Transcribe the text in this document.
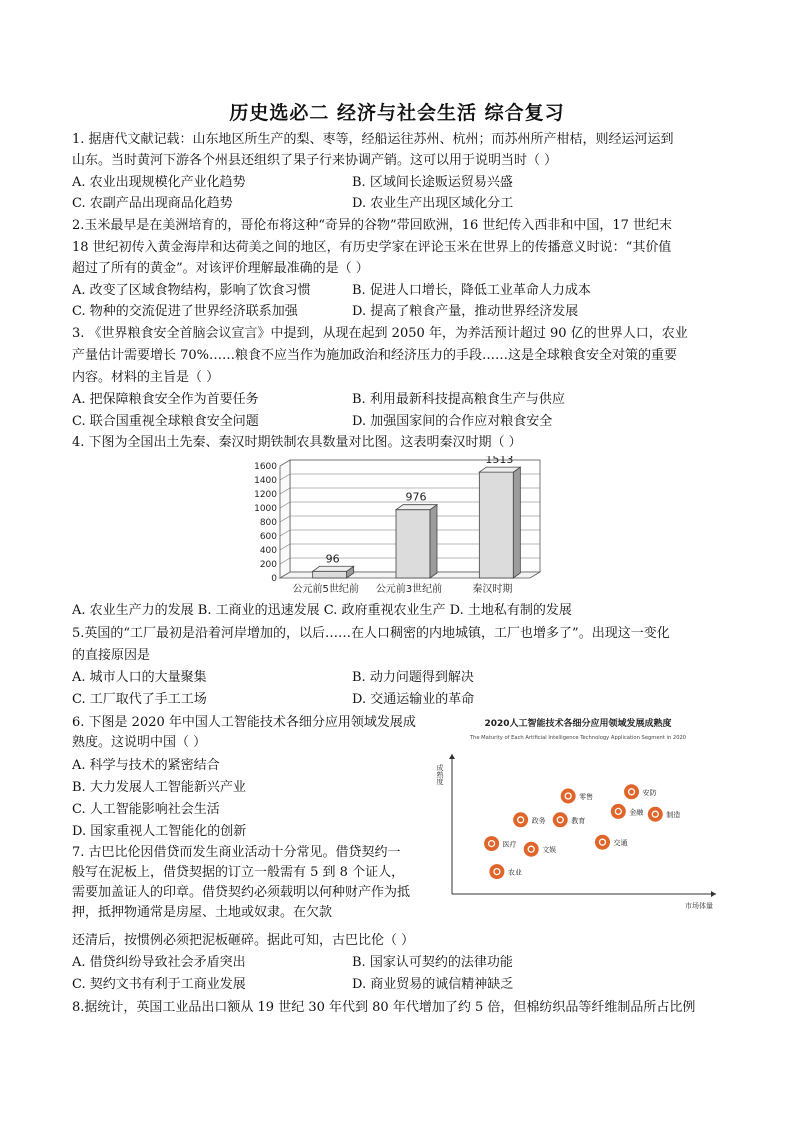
历史选必二 经济与社会生活 综合复习
1. 据唐代文献记载：山东地区所生产的梨、枣等，经船运往苏州、杭州；而苏州所产柑桔，则经运河运到
山东。当时黄河下游各个州县还组织了果子行来协调产销。这可以用于说明当时（ ）
A. 农业出现规模化产业化趋势	B. 区域间长途贩运贸易兴盛
C. 农副产品出现商品化趋势	D. 农业生产出现区域化分工
2.玉米最早是在美洲培育的，哥伦布将这种“奇异的谷物”带回欧洲，16 世纪传入西非和中国，17 世纪末
18 世纪初传入黄金海岸和达荷美之间的地区，有历史学家在评论玉米在世界上的传播意义时说：“其价值
超过了所有的黄金”。对该评价理解最准确的是（ ）
A. 改变了区域食物结构，影响了饮食习惯	B. 促进人口增长，降低工业革命人力成本
C. 物种的交流促进了世界经济联系加强	D. 提高了粮食产量，推动世界经济发展
3. 《世界粮食安全首脑会议宣言》中提到，从现在起到 2050 年，为养活预计超过 90 亿的世界人口，农业
产量估计需要增长 70%……粮食不应当作为施加政治和经济压力的手段……这是全球粮食安全对策的重要
内容。材料的主旨是（ ）
A. 把保障粮食安全作为首要任务	B. 利用最新科技提高粮食生产与供应
C. 联合国重视全球粮食安全问题	D. 加强国家间的合作应对粮食安全
4. 下图为全国出土先秦、秦汉时期铁制农具数量对比图。这表明秦汉时期（ ）
0
200
400
600
800
1000
1200
1400
1600
96
公元前5世纪前
976
公元前3世纪前
1513
秦汉时期
A. 农业生产力的发展 B. 工商业的迅速发展 C. 政府重视农业生产 D. 土地私有制的发展
5.英国的“工厂最初是沿着河岸增加的，以后……在人口稠密的内地城镇，工厂也增多了”。出现这一变化
的直接原因是
A. 城市人口的大量聚集	B. 动力问题得到解决
C. 工厂取代了手工工场	D. 交通运输业的革命
6. 下图是 2020 年中国人工智能技术各细分应用领域发展成熟度。这说明中国（ ）
A. 科学与技术的紧密结合
B. 大力发展人工智能新兴产业
C. 人工智能影响社会生活
D. 国家重视人工智能化的创新
2020人工智能技术各细分应用领域发展成熟度
The Maturity of Each Artificial Intelligence Technology Application Segment in 2020
成熟度
市场体量
零售
安防
政务	教育
金融	制造
医疗
文娱
交通
农业
7. 古巴比伦因借贷而发生商业活动十分常见。借贷契约一般写在泥板上，借贷契据的订立一般需有 5 到 8 个证人，需要加盖证人的印章。借贷契约必须载明以何种财产作为抵押，抵押物通常是房屋、土地或奴隶。在欠款
还清后，按惯例必须把泥板砸碎。据此可知，古巴比伦（ ）
A. 借贷纠纷导致社会矛盾突出	B. 国家认可契约的法律功能
C. 契约文书有利于工商业发展	D. 商业贸易的诚信精神缺乏
8.据统计，英国工业品出口额从 19 世纪 30 年代到 80 年代增加了约 5 倍，但棉纺织品等纤维制品所占比例
